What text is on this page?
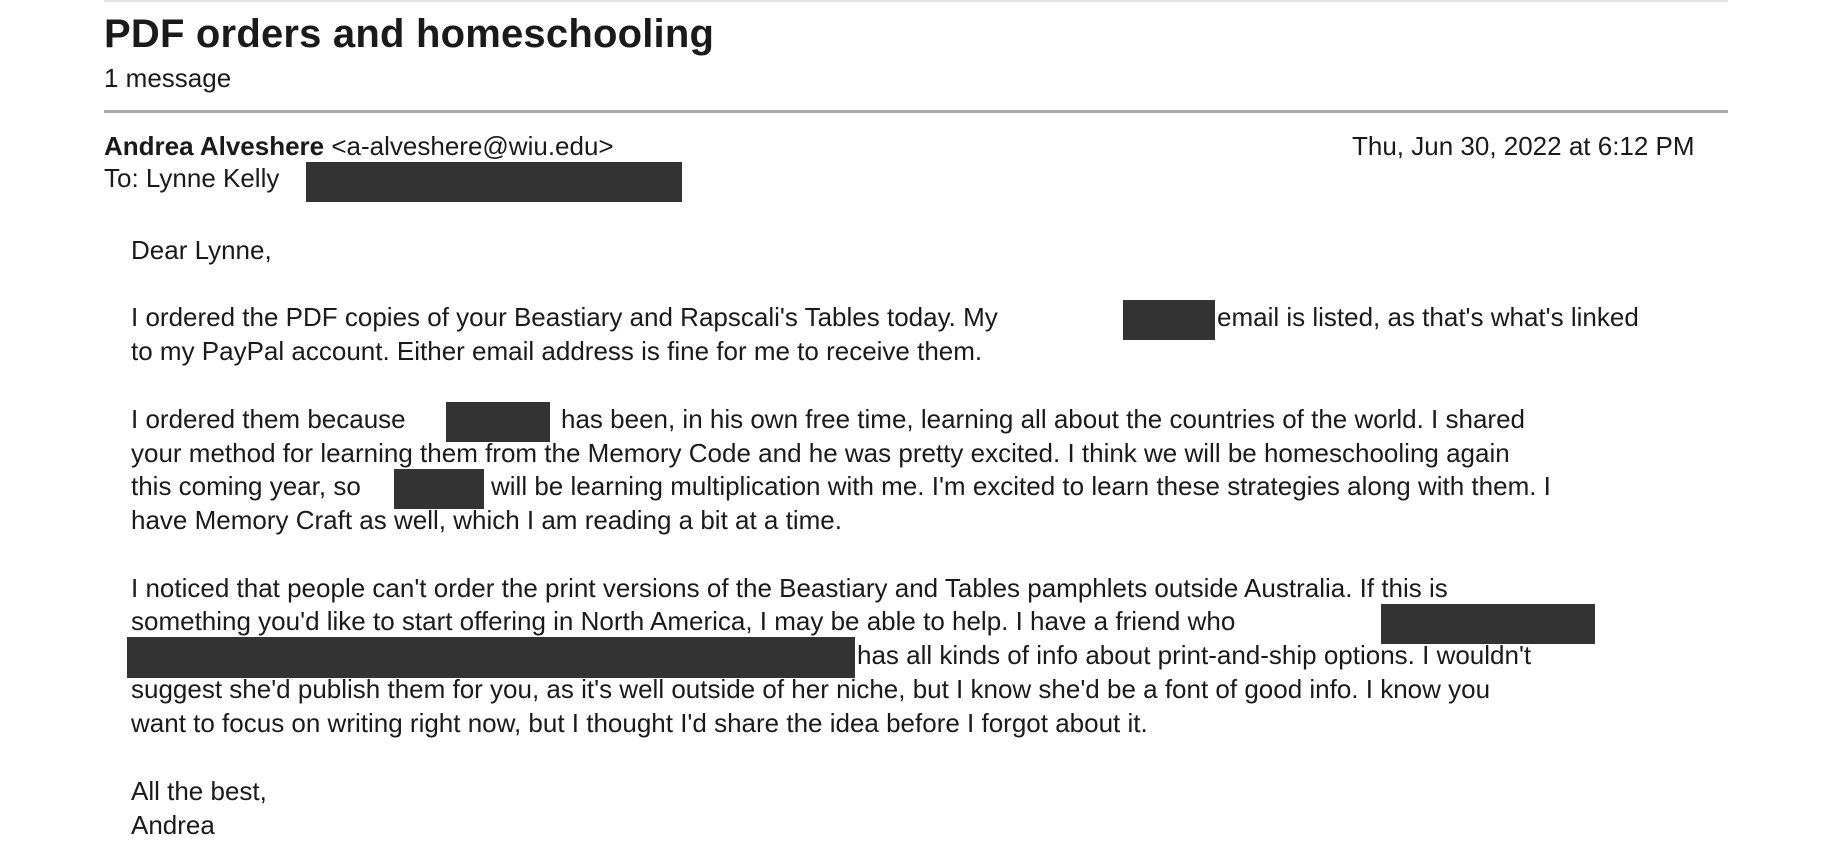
PDF orders and homeschooling
1 message
Andrea Alveshere <a-alveshere@wiu.edu>	Thu, Jun 30, 2022 at 6:12 PM
To: Lynne Kelly
Dear Lynne,
I ordered the PDF copies of your Beastiary and Rapscali's Tables today. My	email is listed, as that's what's linked
to my PayPal account. Either email address is fine for me to receive them.
I ordered them because	has been, in his own free time, learning all about the countries of the world. I shared
your method for learning them from the Memory Code and he was pretty excited. I think we will be homeschooling again
this coming year, so	will be learning multiplication with me. I'm excited to learn these strategies along with them. I
have Memory Craft as well, which I am reading a bit at a time.
I noticed that people can't order the print versions of the Beastiary and Tables pamphlets outside Australia. If this is
something you'd like to start offering in North America, I may be able to help. I have a friend who
has all kinds of info about print-and-ship options. I wouldn't
suggest she'd publish them for you, as it's well outside of her niche, but I know she'd be a font of good info. I know you
want to focus on writing right now, but I thought I'd share the idea before I forgot about it.
All the best,
Andrea
